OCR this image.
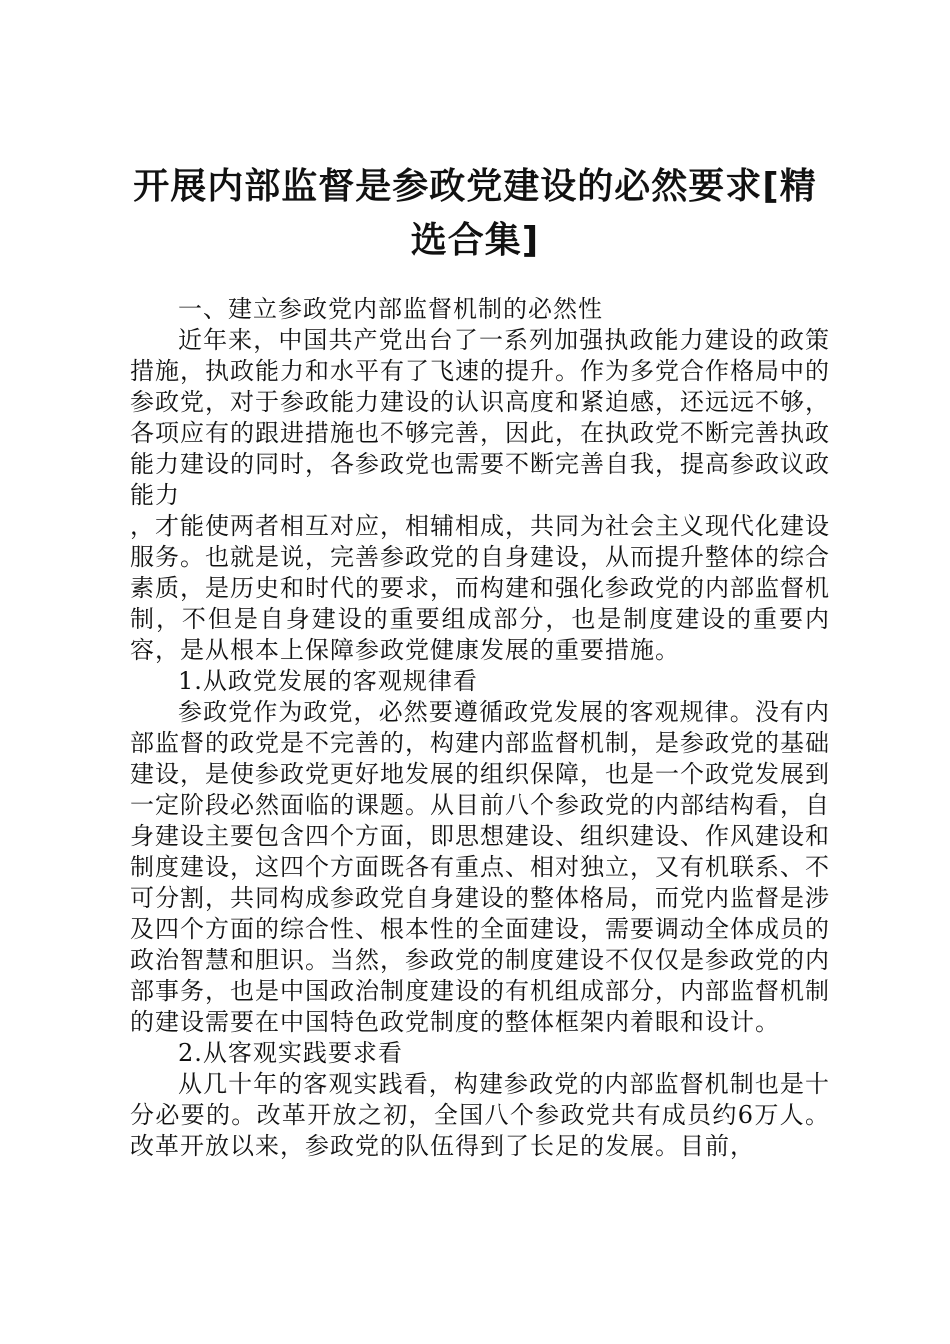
开展内部监督是参政党建设的必然要求[精选合集]

一、建立参政党内部监督机制的必然性

近年来，中国共产党出台了一系列加强执政能力建设的政策措施，执政能力和水平有了飞速的提升。作为多党合作格局中的参政党，对于参政能力建设的认识高度和紧迫感，还远远不够，各项应有的跟进措施也不够完善，因此，在执政党不断完善执政能力建设的同时，各参政党也需要不断完善自我，提高参政议政能力

，才能使两者相互对应，相辅相成，共同为社会主义现代化建设服务。也就是说，完善参政党的自身建设，从而提升整体的综合素质，是历史和时代的要求，而构建和强化参政党的内部监督机制，不但是自身建设的重要组成部分，也是制度建设的重要内容，是从根本上保障参政党健康发展的重要措施。

1.从政党发展的客观规律看

参政党作为政党，必然要遵循政党发展的客观规律。没有内部监督的政党是不完善的，构建内部监督机制，是参政党的基础建设，是使参政党更好地发展的组织保障，也是一个政党发展到一定阶段必然面临的课题。从目前八个参政党的内部结构看，自身建设主要包含四个方面，即思想建设、组织建设、作风建设和制度建设，这四个方面既各有重点、相对独立，又有机联系、不可分割，共同构成参政党自身建设的整体格局，而党内监督是涉及四个方面的综合性、根本性的全面建设，需要调动全体成员的政治智慧和胆识。当然，参政党的制度建设不仅仅是参政党的内部事务，也是中国政治制度建设的有机组成部分，内部监督机制的建设需要在中国特色政党制度的整体框架内着眼和设计。

2.从客观实践要求看

从几十年的客观实践看，构建参政党的内部监督机制也是十分必要的。改革开放之初，全国八个参政党共有成员约6万人。改革开放以来，参政党的队伍得到了长足的发展。目前，
